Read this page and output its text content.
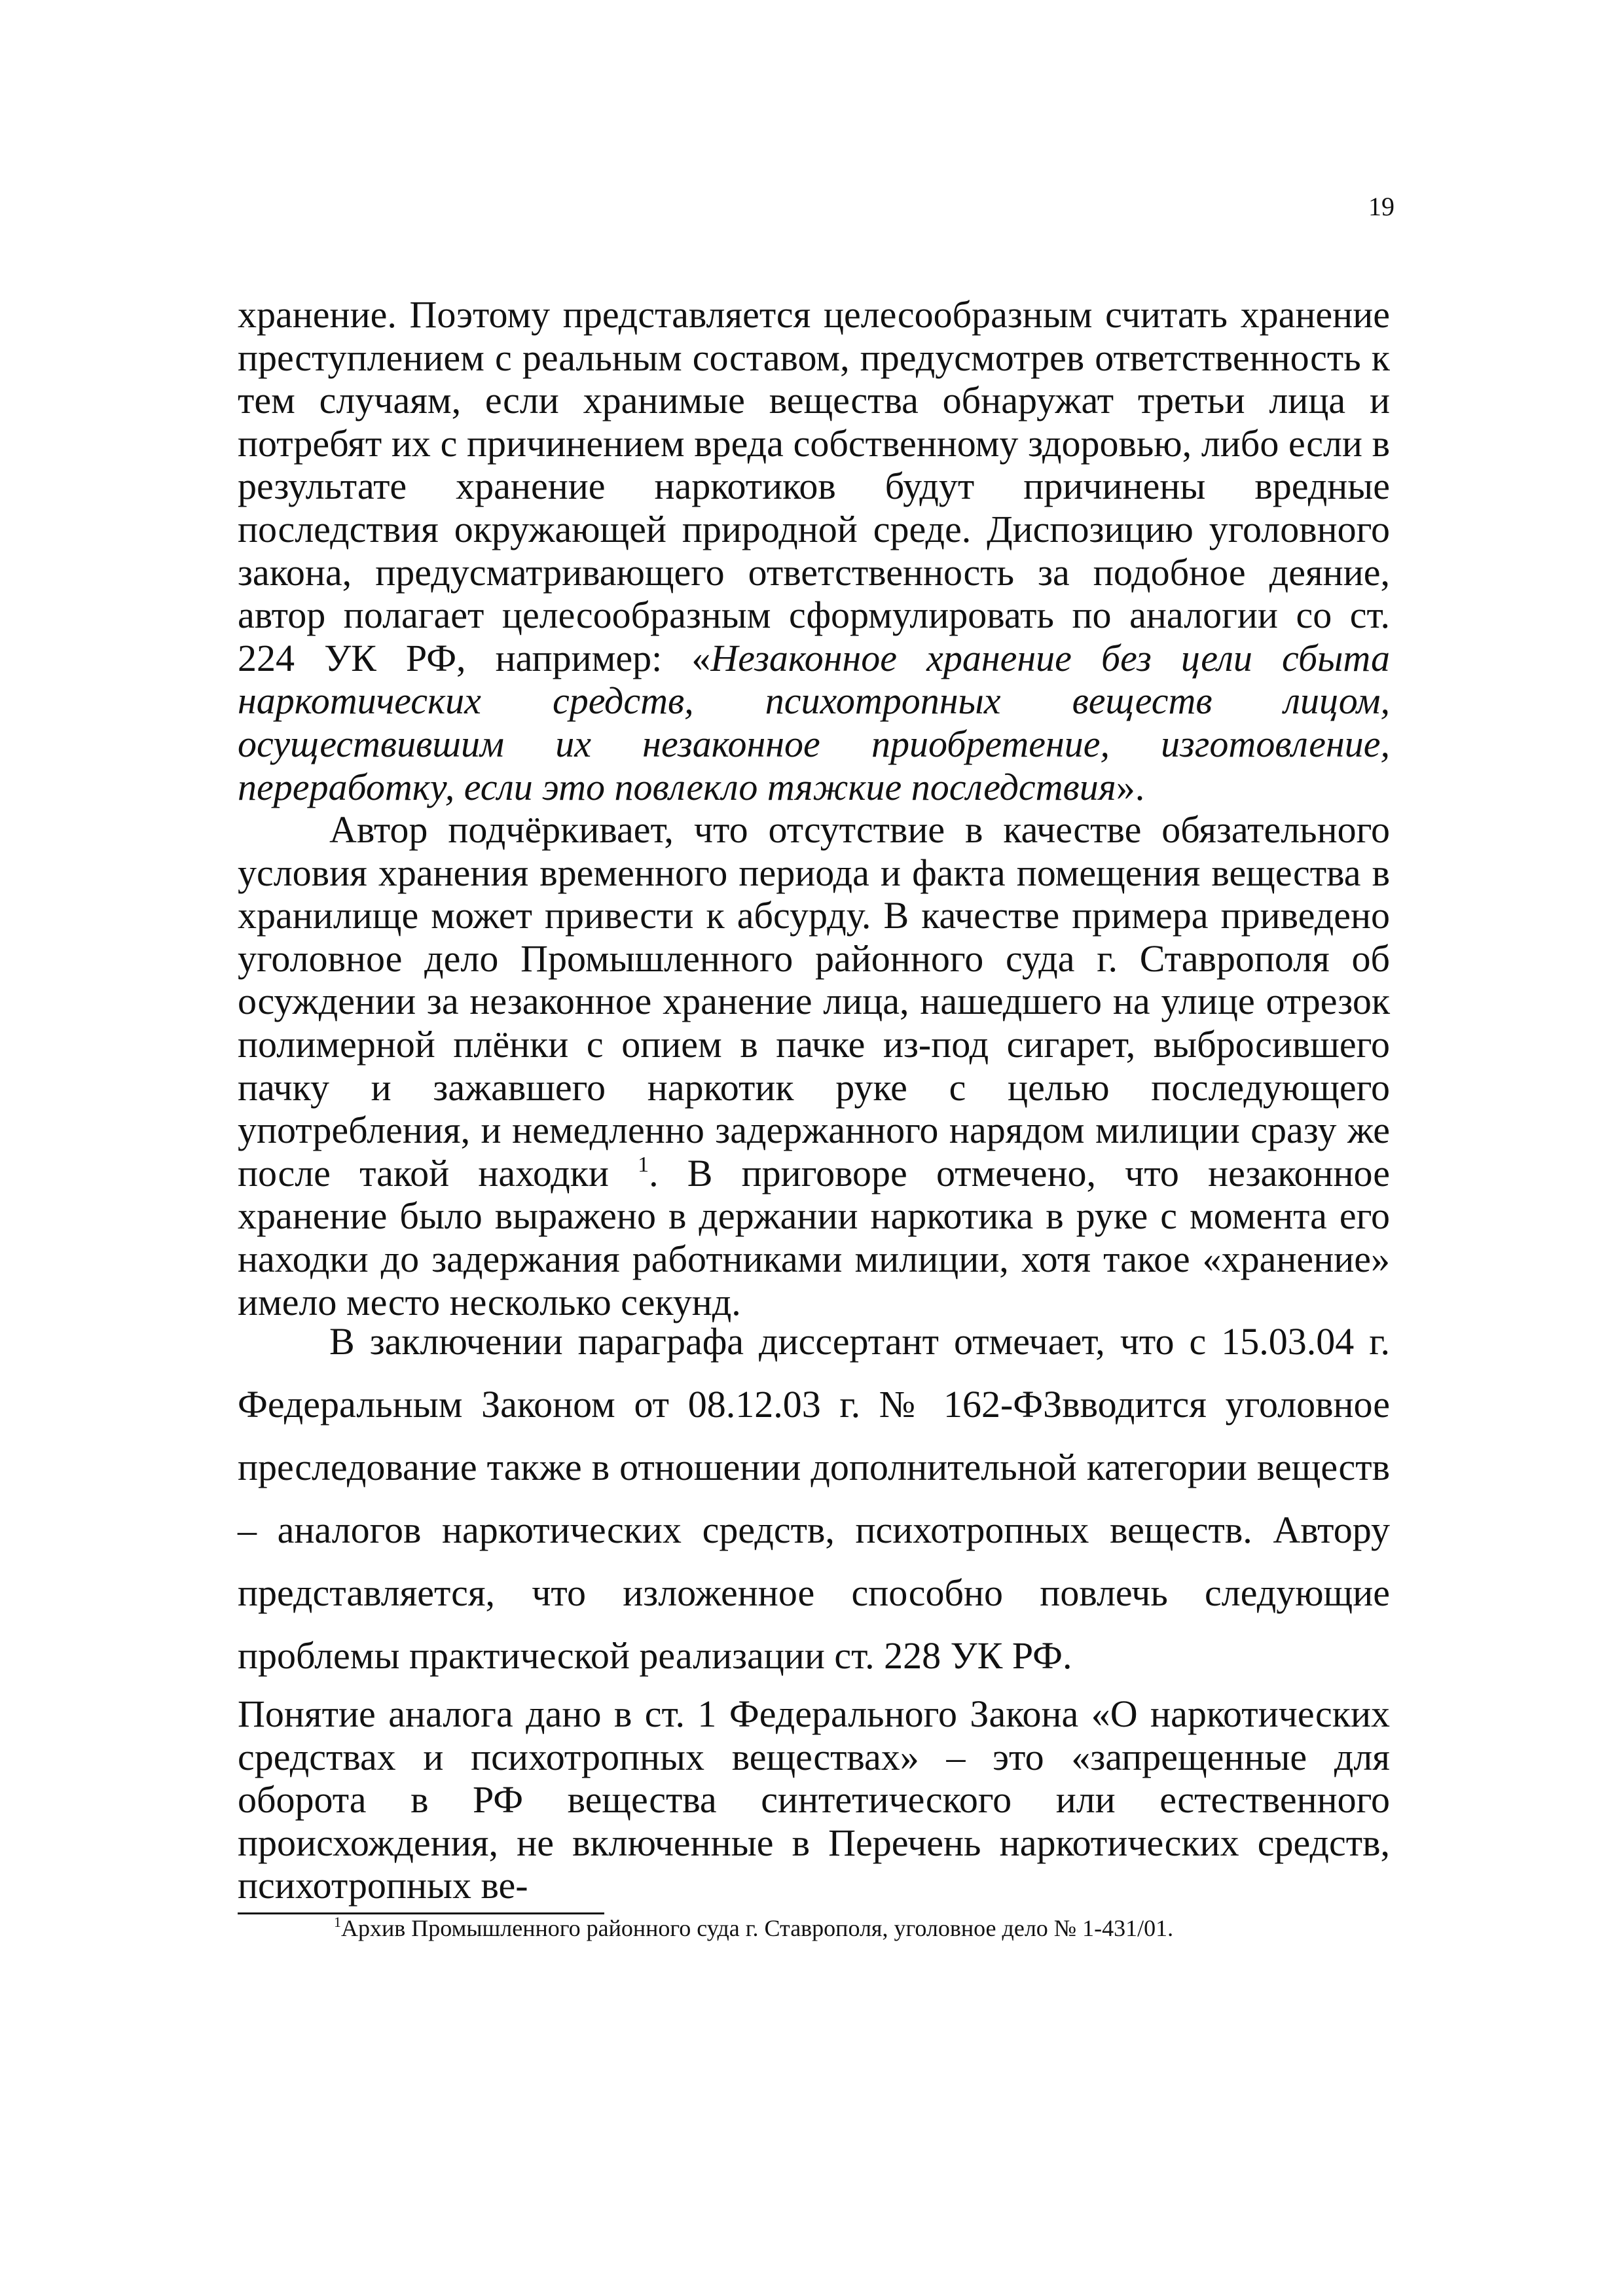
19

хранение. Поэтому представляется целесообразным считать хранение преступлением с реальным составом, предусмотрев ответственность к тем случаям, если хранимые вещества обнаружат третьи лица и потребят их с причинением вреда собственному здоровью, либо если в результате хранение наркотиков будут причинены вредные последствия окружающей природной среде. Диспозицию уголовного закона, предусматривающего ответственность за подобное деяние, автор полагает целесообразным сформулировать по аналогии со ст. 224 УК РФ, например: «Незаконное хранение без цели сбыта наркотических средств, психотропных веществ лицом, осуществившим их незаконное приобретение, изготовление, переработку, если это повлекло тяжкие последствия».

Автор подчёркивает, что отсутствие в качестве обязательного условия хранения временного периода и факта помещения вещества в хранилище может привести к абсурду. В качестве примера приведено уголовное дело Промышленного районного суда г. Ставрополя об осуждении за незаконное хранение лица, нашедшего на улице отрезок полимерной плёнки с опием в пачке из-под сигарет, выбросившего пачку и зажавшего наркотик руке с целью последующего употребления, и немедленно задержанного нарядом милиции сразу же после такой находки $^1$. В приговоре отмечено, что незаконное хранение было выражено в держании наркотика в руке с момента его находки до задержания работниками милиции, хотя такое «хранение» имело место несколько секунд.

В заключении параграфа диссертант отмечает, что с 15.03.04 г. Федеральным Законом от 08.12.03 г. № 162-ФЗвводится уголовное преследование также в отношении дополнительной категории веществ – аналогов наркотических средств, психотропных веществ. Автору представляется, что изложенное способно повлечь следующие проблемы практической реализации ст. 228 УК РФ.

Понятие аналога дано в ст. 1 Федерального Закона «О наркотических средствах и психотропных веществах» – это «запрещенные для оборота в РФ вещества синтетического или естественного происхождения, не включенные в Перечень наркотических средств, психотропных ве-

$^1$Архив Промышленного районного суда г. Ставрополя, уголовное дело № 1-431/01.
